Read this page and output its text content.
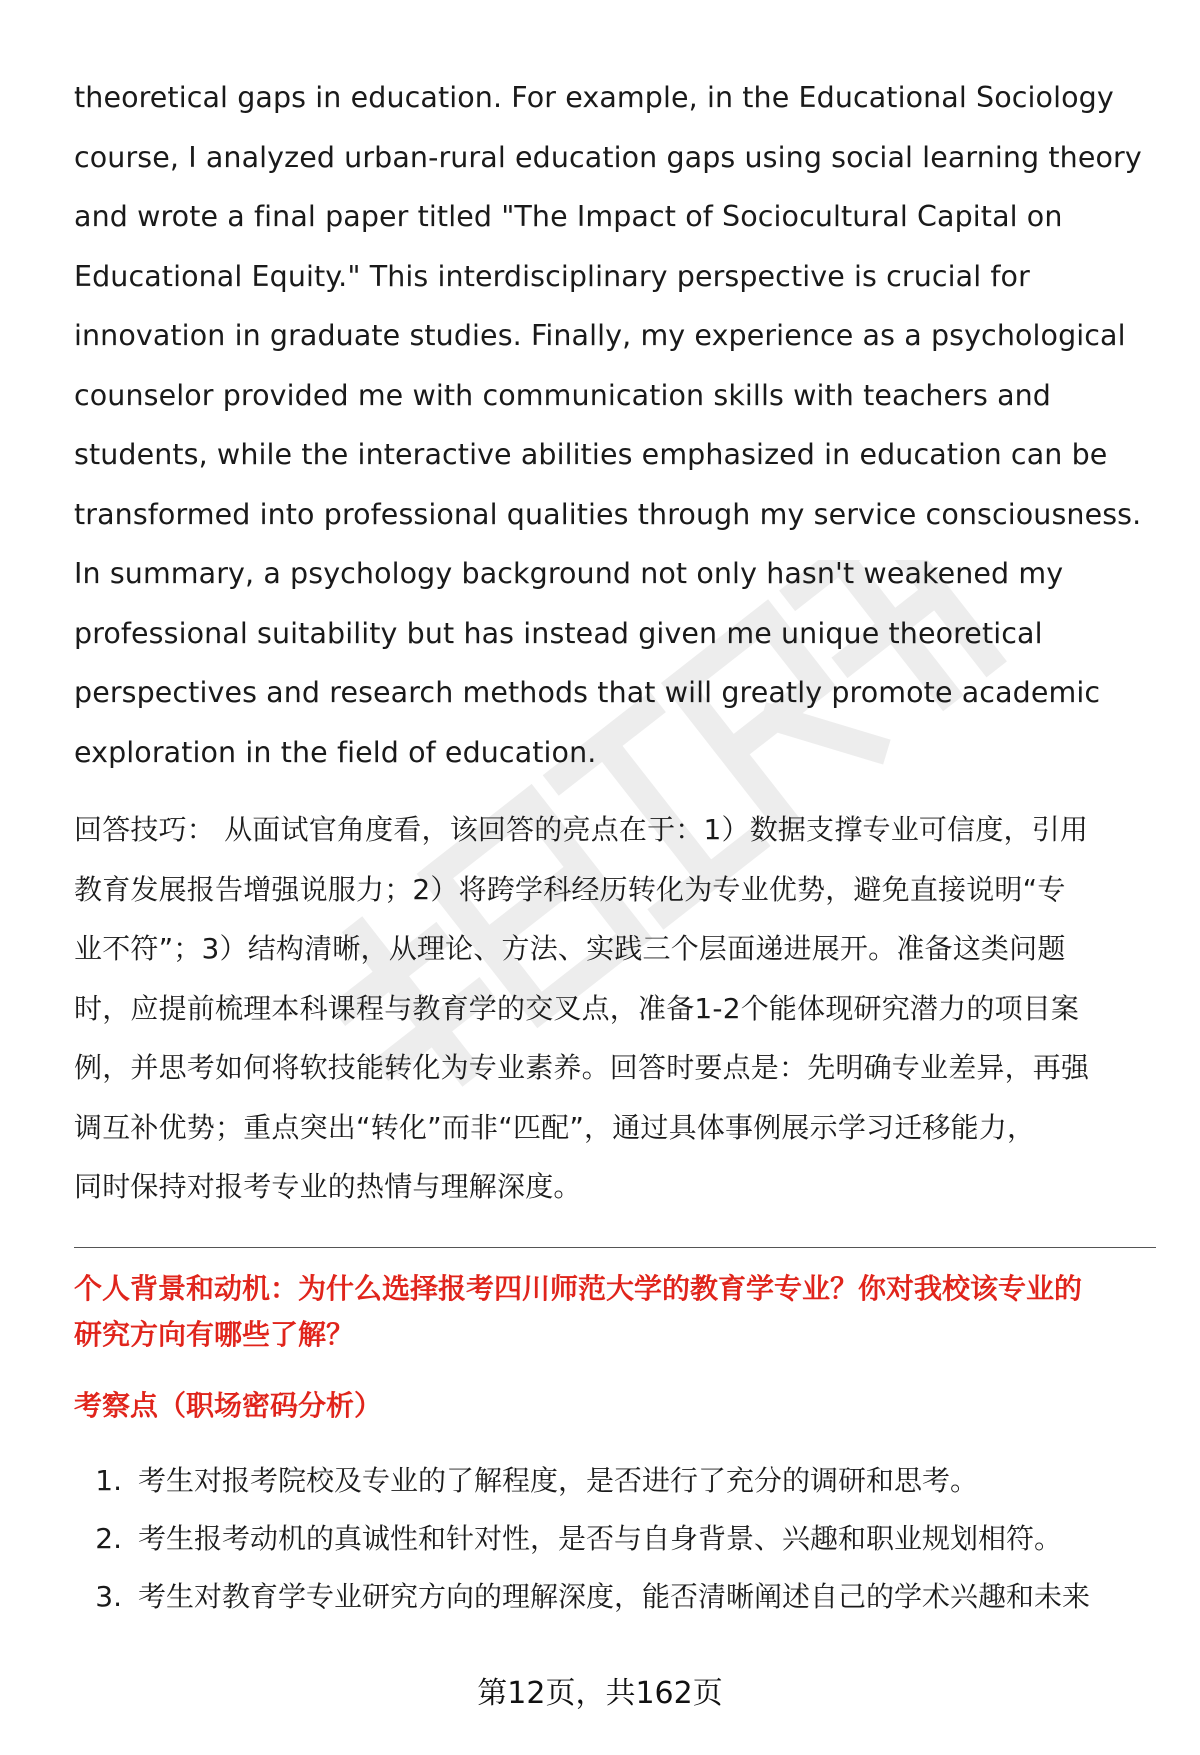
theoretical gaps in education. For example, in the Educational Sociology

course, I analyzed urban-rural education gaps using social learning theory

and wrote a final paper titled "The Impact of Sociocultural Capital on

Educational Equity." This interdisciplinary perspective is crucial for

innovation in graduate studies. Finally, my experience as a psychological

counselor provided me with communication skills with teachers and

students, while the interactive abilities emphasized in education can be

transformed into professional qualities through my service consciousness.

In summary, a psychology background not only hasn't weakened my

professional suitability but has instead given me unique theoretical

perspectives and research methods that will greatly promote academic

exploration in the field of education.

回答技巧： 从面试官角度看，该回答的亮点在于：1）数据支撑专业可信度，引用

教育发展报告增强说服力；2）将跨学科经历转化为专业优势，避免直接说明“专

业不符”；3）结构清晰，从理论、方法、实践三个层面递进展开。准备这类问题

时，应提前梳理本科课程与教育学的交叉点，准备1-2个能体现研究潜力的项目案

例，并思考如何将软技能转化为专业素养。回答时要点是：先明确专业差异，再强

调互补优势；重点突出“转化”而非“匹配”，通过具体事例展示学习迁移能力，

同时保持对报考专业的热情与理解深度。

个人背景和动机：为什么选择报考四川师范大学的教育学专业？你对我校该专业的
研究方向有哪些了解？
考察点（职场密码分析）
1. 考生对报考院校及专业的了解程度，是否进行了充分的调研和思考。
2. 考生报考动机的真诚性和针对性，是否与自身背景、兴趣和职业规划相符。
3. 考生对教育学专业研究方向的理解深度，能否清晰阐述自己的学术兴趣和未来
第12页，共162页
